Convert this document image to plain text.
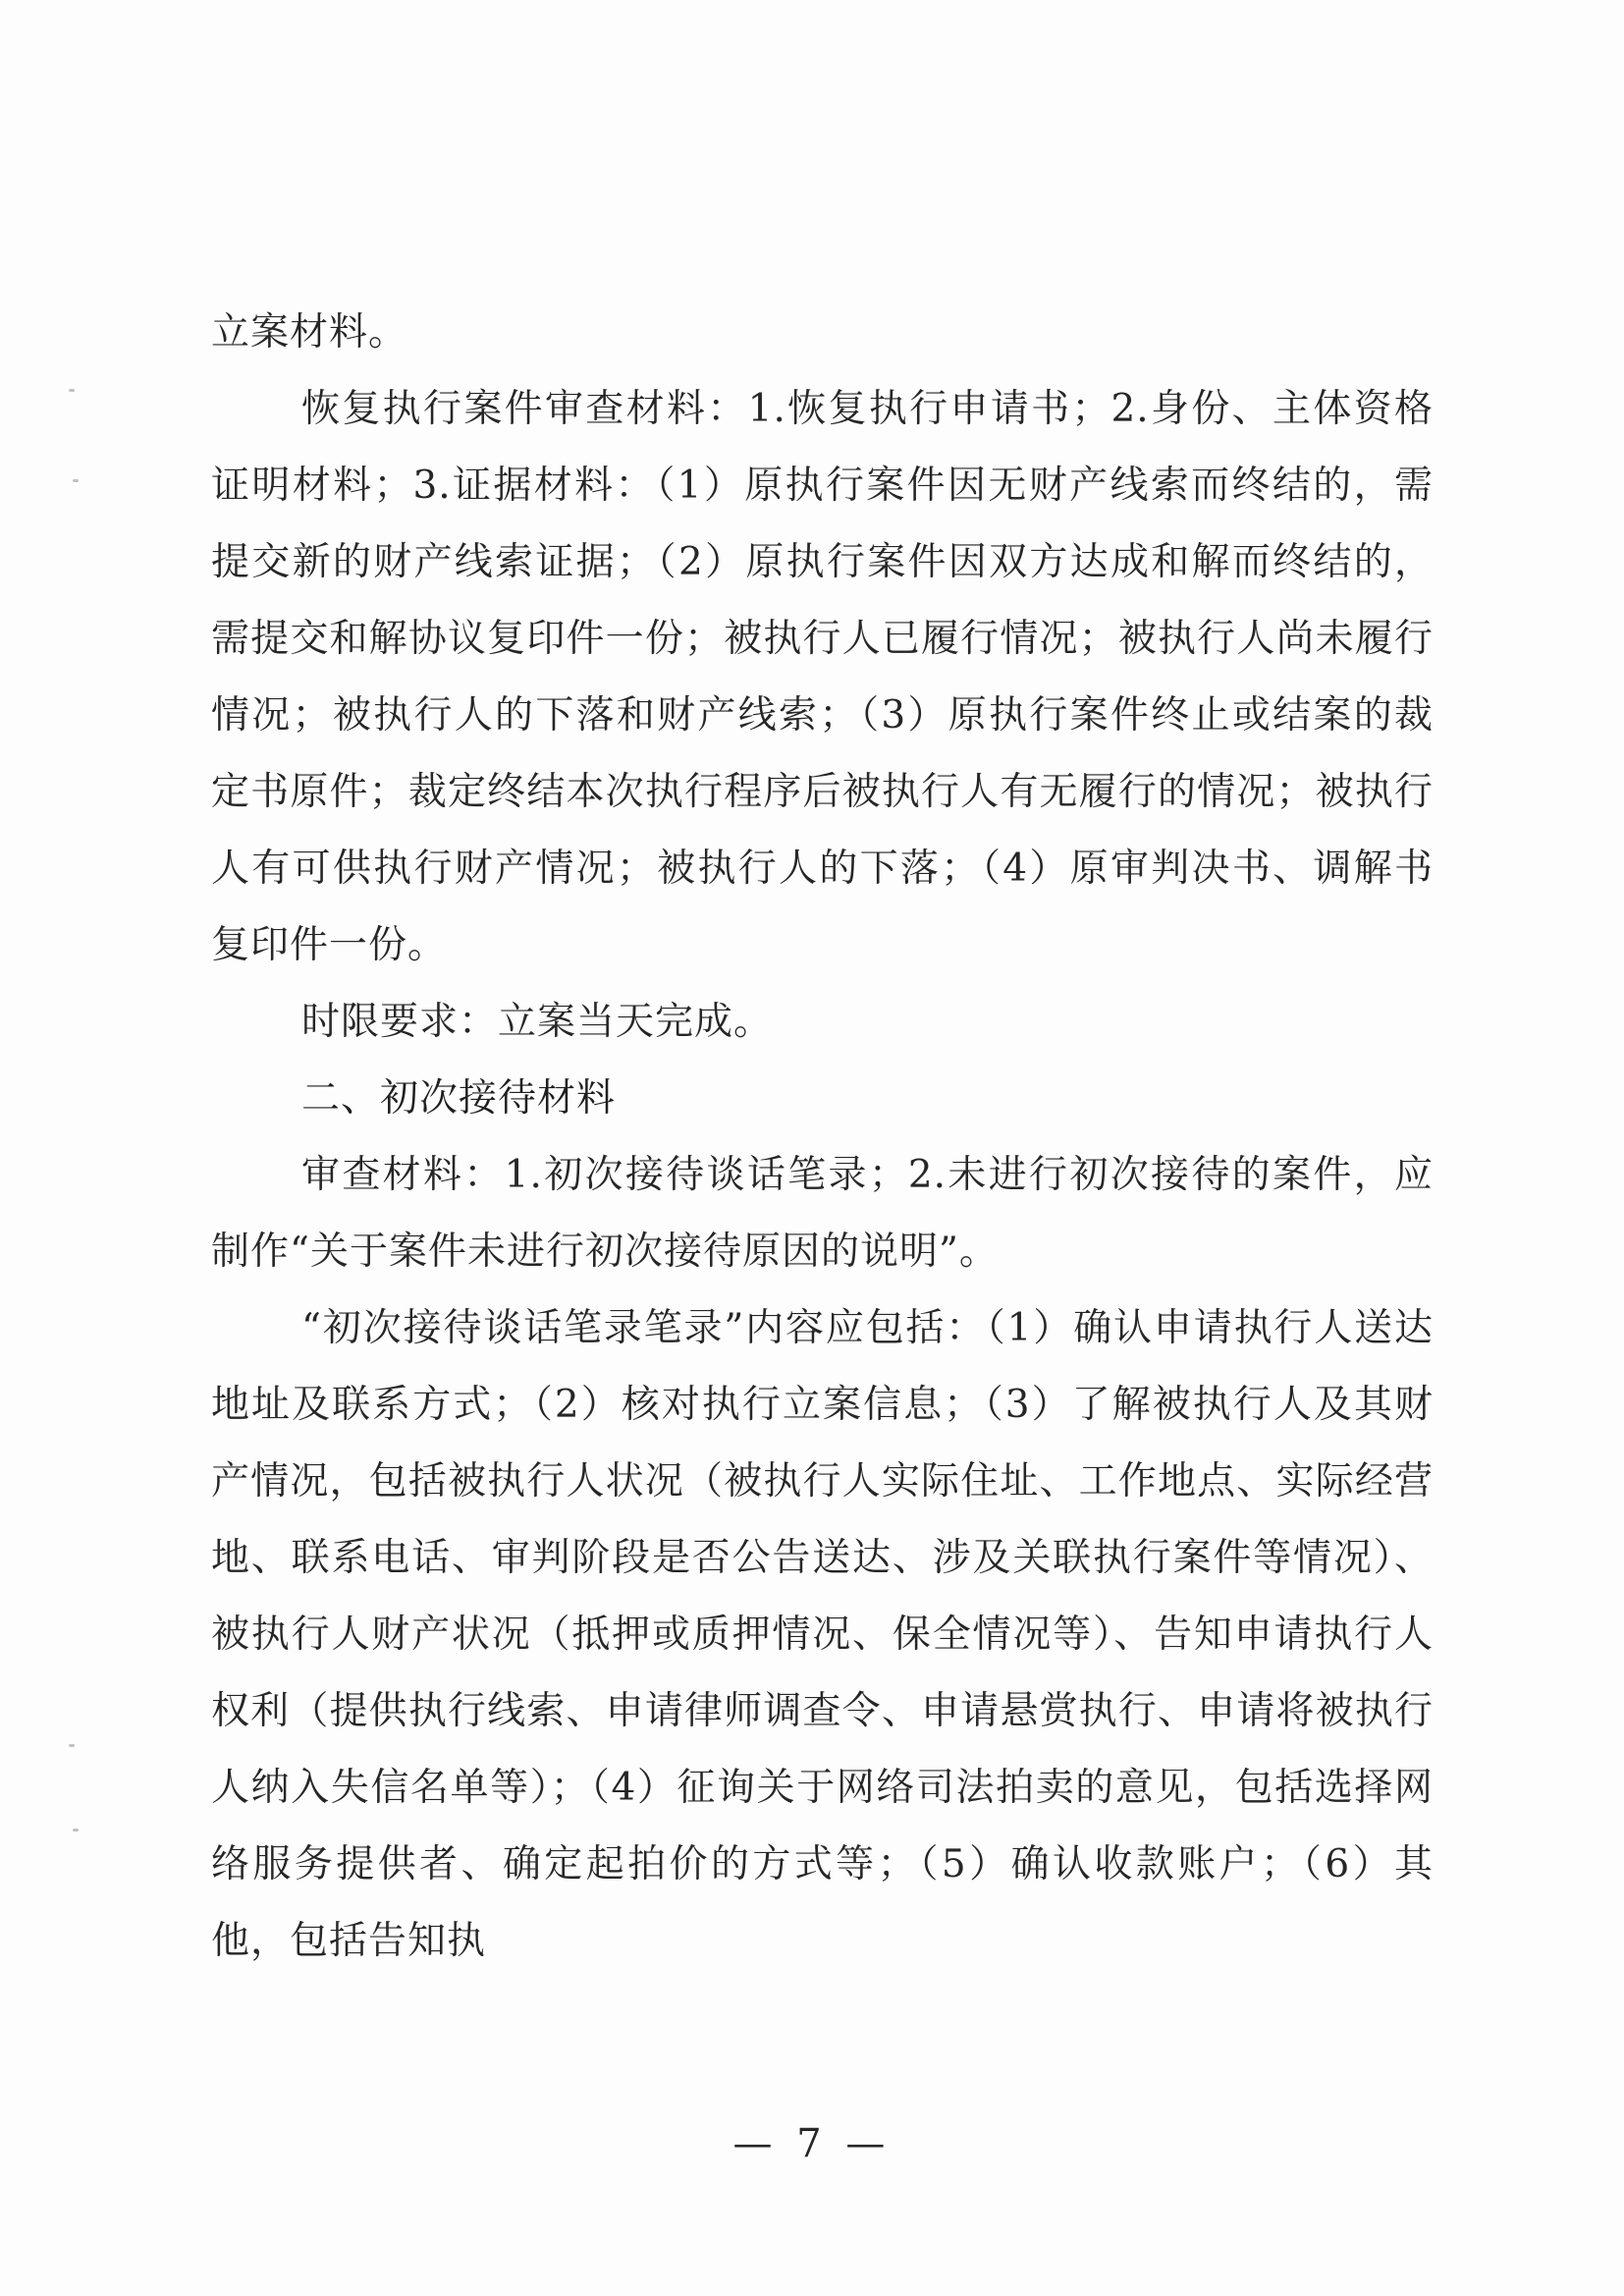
立案材料。

恢复执行案件审查材料：1.恢复执行申请书；2.身份、主体资格证明材料；3.证据材料：（1）原执行案件因无财产线索而终结的，需提交新的财产线索证据；（2）原执行案件因双方达成和解而终结的，需提交和解协议复印件一份；被执行人已履行情况；被执行人尚未履行情况；被执行人的下落和财产线索；（3）原执行案件终止或结案的裁定书原件；裁定终结本次执行程序后被执行人有无履行的情况；被执行人有可供执行财产情况；被执行人的下落；（4）原审判决书、调解书复印件一份。

时限要求：立案当天完成。

二、初次接待材料

审查材料：1.初次接待谈话笔录；2.未进行初次接待的案件，应制作“关于案件未进行初次接待原因的说明”。

“初次接待谈话笔录笔录”内容应包括：（1）确认申请执行人送达地址及联系方式；（2）核对执行立案信息；（3）了解被执行人及其财产情况，包括被执行人状况（被执行人实际住址、工作地点、实际经营地、联系电话、审判阶段是否公告送达、涉及关联执行案件等情况）、被执行人财产状况（抵押或质押情况、保全情况等）、告知申请执行人权利（提供执行线索、申请律师调查令、申请悬赏执行、申请将被执行人纳入失信名单等）；（4）征询关于网络司法拍卖的意见，包括选择网络服务提供者、确定起拍价的方式等；（5）确认收款账户；（6）其他，包括告知执

— 7 —
